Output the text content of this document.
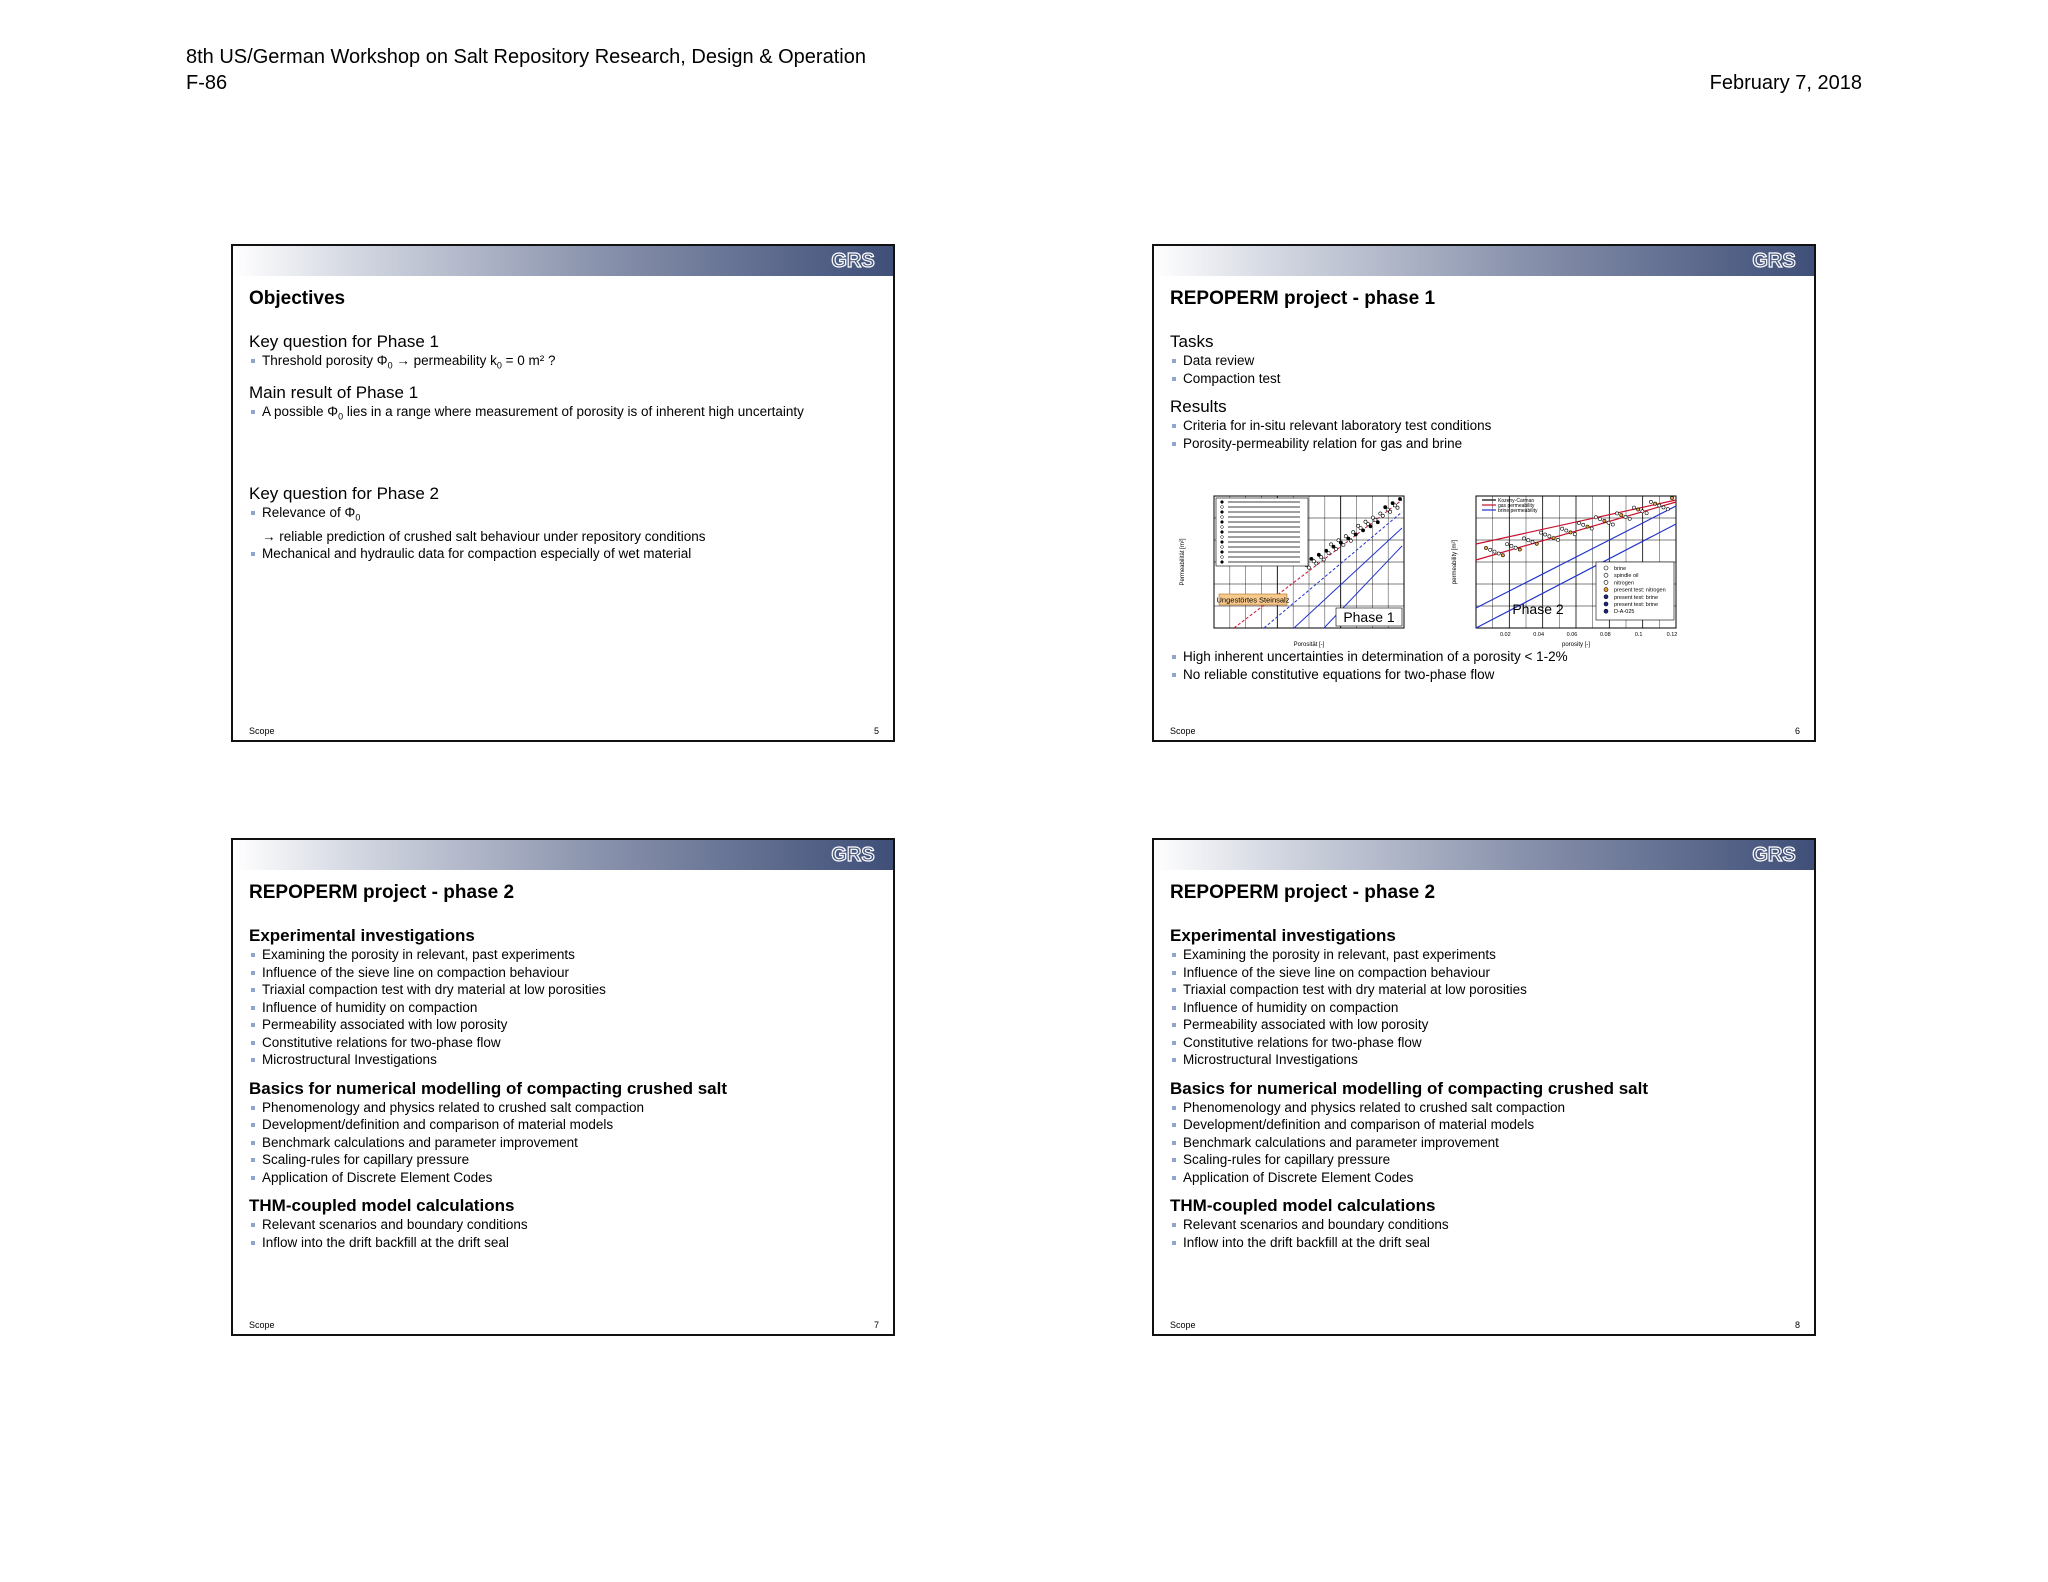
8th US/German Workshop on Salt Repository Research, Design & Operation
F-86	February 7, 2018
GRS
Objectives
Key question for Phase 1
Threshold porosity $\Phi_0$ → permeability $k_0 = 0$ m² ?
Main result of Phase 1
A possible $\Phi_0$ lies in a range where measurement of porosity is of inherent high uncertainty
Key question for Phase 2
Relevance of $\Phi_0$
→ reliable prediction of crushed salt behaviour under repository conditions
Mechanical and hydraulic data for compaction especially of wet material
Scope	5
GRS
REPOPERM project - phase 1
Tasks
Data review
Compaction test
Results
Criteria for in-situ relevant laboratory test conditions
Porosity-permeability relation for gas and brine
Ungestörtes Steinsalz
Phase 1
Porosität [-]
Permeabilität [m²]
Kozeny-Carman
gas permeability
brine permeability
brine
spindle oil
nitrogen
present test: nitrogen
present test: brine
present test: brine
D-A-025
Phase 2
0.02	0.04	0.06	0.08	0.1	0.12
porosity [-]
permeability [m²]
High inherent uncertainties in determination of a porosity < 1-2%
No reliable constitutive equations for two-phase flow
Scope	6
GRS
REPOPERM project - phase 2
Experimental investigations
Examining the porosity in relevant, past experiments
Influence of the sieve line on compaction behaviour
Triaxial compaction test with dry material at low porosities
Influence of humidity on compaction
Permeability associated with low porosity
Constitutive relations for two-phase flow
Microstructural Investigations
Basics for numerical modelling of compacting crushed salt
Phenomenology and physics related to crushed salt compaction
Development/definition and comparison of material models
Benchmark calculations and parameter improvement
Scaling-rules for capillary pressure
Application of Discrete Element Codes
THM-coupled model calculations
Relevant scenarios and boundary conditions
Inflow into the drift backfill at the drift seal
Scope	7
GRS
REPOPERM project - phase 2
Experimental investigations
Examining the porosity in relevant, past experiments
Influence of the sieve line on compaction behaviour
Triaxial compaction test with dry material at low porosities
Influence of humidity on compaction
Permeability associated with low porosity
Constitutive relations for two-phase flow
Microstructural Investigations
Basics for numerical modelling of compacting crushed salt
Phenomenology and physics related to crushed salt compaction
Development/definition and comparison of material models
Benchmark calculations and parameter improvement
Scaling-rules for capillary pressure
Application of Discrete Element Codes
THM-coupled model calculations
Relevant scenarios and boundary conditions
Inflow into the drift backfill at the drift seal
Scope	8
